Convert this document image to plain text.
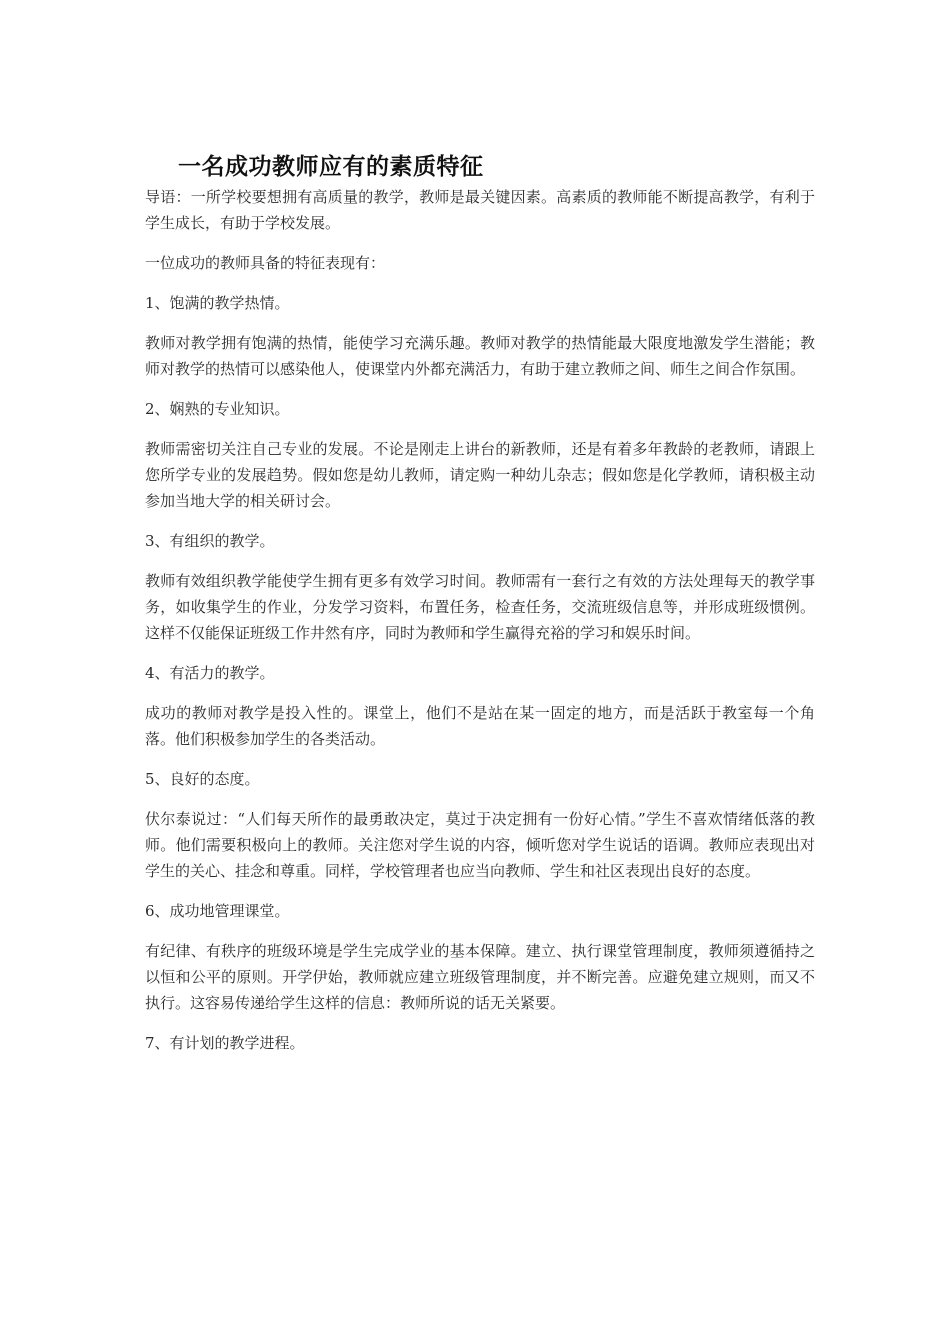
一名成功教师应有的素质特征

导语：一所学校要想拥有高质量的教学，教师是最关键因素。高素质的教师能不断提高教学，有利于学生成长，有助于学校发展。

一位成功的教师具备的特征表现有：

1、饱满的教学热情。

教师对教学拥有饱满的热情，能使学习充满乐趣。教师对教学的热情能最大限度地激发学生潜能；教师对教学的热情可以感染他人，使课堂内外都充满活力，有助于建立教师之间、师生之间合作氛围。

2、娴熟的专业知识。

教师需密切关注自己专业的发展。不论是刚走上讲台的新教师，还是有着多年教龄的老教师，请跟上您所学专业的发展趋势。假如您是幼儿教师，请定购一种幼儿杂志；假如您是化学教师，请积极主动参加当地大学的相关研讨会。

3、有组织的教学。

教师有效组织教学能使学生拥有更多有效学习时间。教师需有一套行之有效的方法处理每天的教学事务，如收集学生的作业，分发学习资料，布置任务，检查任务，交流班级信息等，并形成班级惯例。这样不仅能保证班级工作井然有序，同时为教师和学生赢得充裕的学习和娱乐时间。

4、有活力的教学。

成功的教师对教学是投入性的。课堂上，他们不是站在某一固定的地方，而是活跃于教室每一个角落。他们积极参加学生的各类活动。

5、良好的态度。

伏尔泰说过：“人们每天所作的最勇敢决定，莫过于决定拥有一份好心情。”学生不喜欢情绪低落的教师。他们需要积极向上的教师。关注您对学生说的内容，倾听您对学生说话的语调。教师应表现出对学生的关心、挂念和尊重。同样，学校管理者也应当向教师、学生和社区表现出良好的态度。

6、成功地管理课堂。

有纪律、有秩序的班级环境是学生完成学业的基本保障。建立、执行课堂管理制度，教师须遵循持之以恒和公平的原则。开学伊始，教师就应建立班级管理制度，并不断完善。应避免建立规则，而又不执行。这容易传递给学生这样的信息：教师所说的话无关紧要。

7、有计划的教学进程。
